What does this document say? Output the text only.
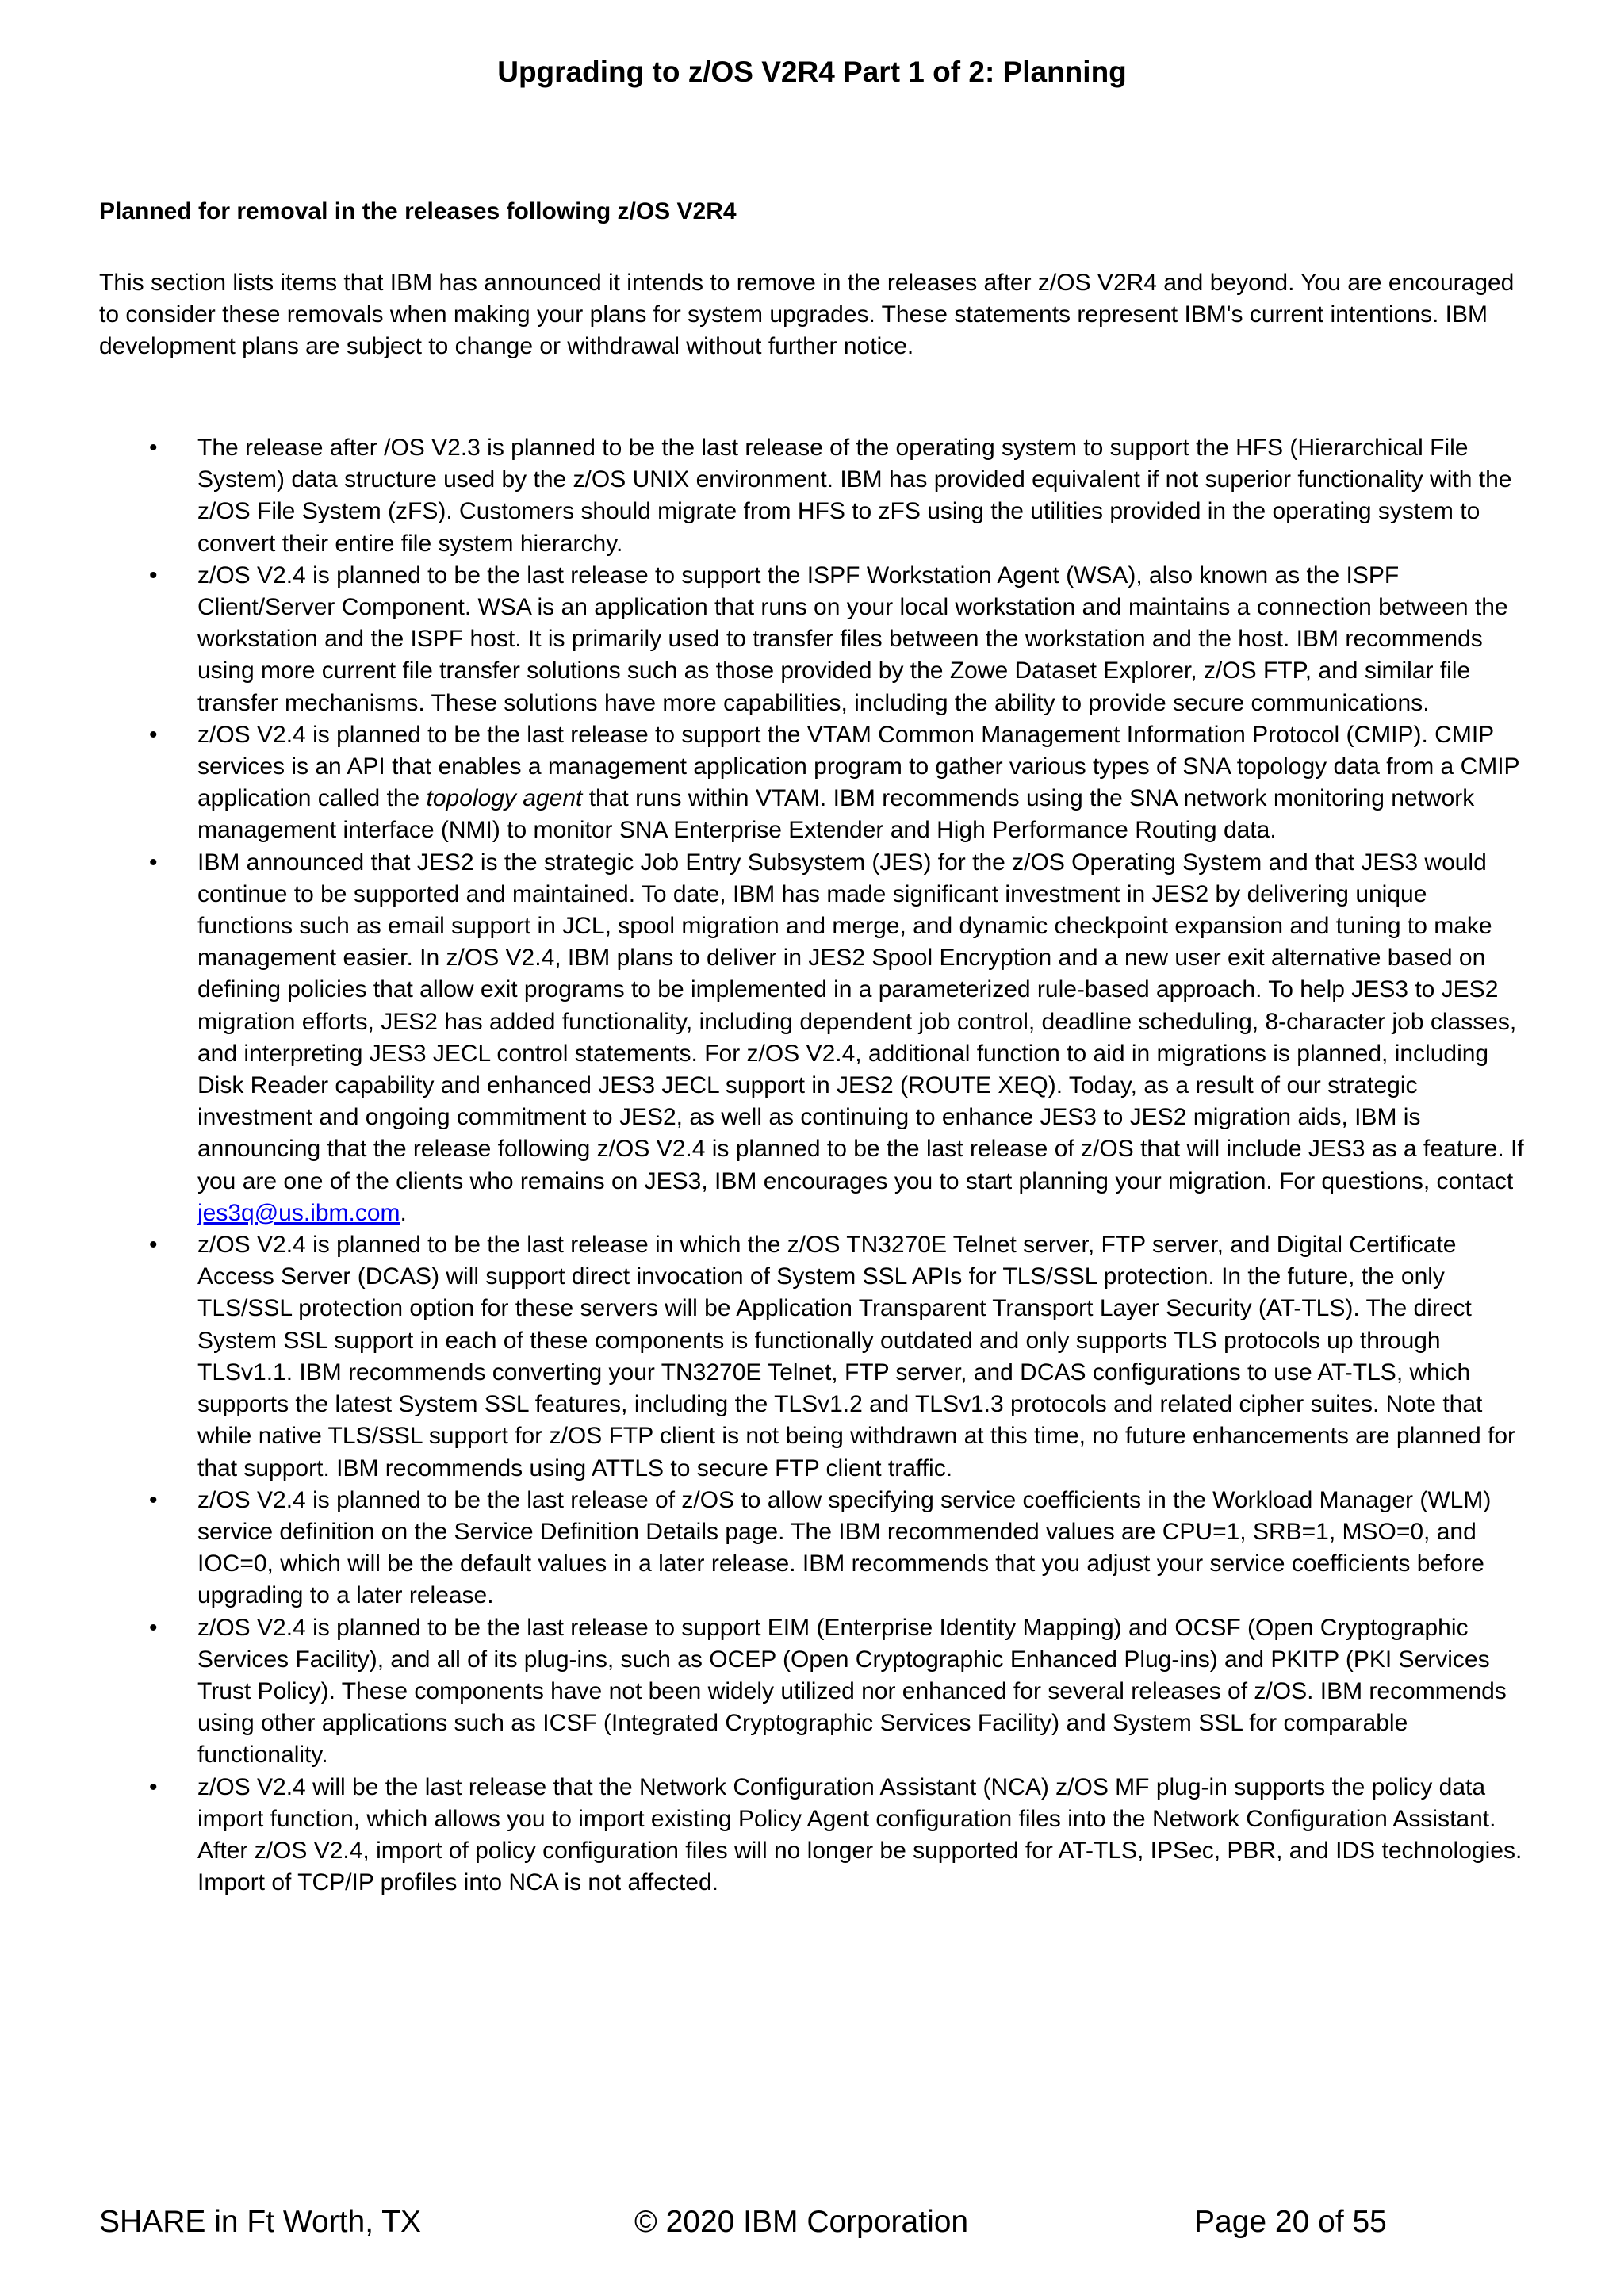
Upgrading to z/OS V2R4 Part 1 of 2: Planning
Planned for removal in the releases following z/OS V2R4

This section lists items that IBM has announced it intends to remove in the releases after z/OS V2R4 and beyond. You are encouraged to consider these removals when making your plans for system upgrades. These statements represent IBM's current intentions. IBM development plans are subject to change or withdrawal without further notice.

• The release after /OS V2.3 is planned to be the last release of the operating system to support the HFS (Hierarchical File System) data structure used by the z/OS UNIX environment. IBM has provided equivalent if not superior functionality with the z/OS File System (zFS). Customers should migrate from HFS to zFS using the utilities provided in the operating system to convert their entire file system hierarchy.
• z/OS V2.4 is planned to be the last release to support the ISPF Workstation Agent (WSA), also known as the ISPF Client/Server Component. WSA is an application that runs on your local workstation and maintains a connection between the workstation and the ISPF host. It is primarily used to transfer files between the workstation and the host. IBM recommends using more current file transfer solutions such as those provided by the Zowe Dataset Explorer, z/OS FTP, and similar file transfer mechanisms. These solutions have more capabilities, including the ability to provide secure communications.
• z/OS V2.4 is planned to be the last release to support the VTAM Common Management Information Protocol (CMIP). CMIP services is an API that enables a management application program to gather various types of SNA topology data from a CMIP application called the topology agent that runs within VTAM. IBM recommends using the SNA network monitoring network management interface (NMI) to monitor SNA Enterprise Extender and High Performance Routing data.
• IBM announced that JES2 is the strategic Job Entry Subsystem (JES) for the z/OS Operating System and that JES3 would continue to be supported and maintained. To date, IBM has made significant investment in JES2 by delivering unique functions such as email support in JCL, spool migration and merge, and dynamic checkpoint expansion and tuning to make management easier. In z/OS V2.4, IBM plans to deliver in JES2 Spool Encryption and a new user exit alternative based on defining policies that allow exit programs to be implemented in a parameterized rule-based approach. To help JES3 to JES2 migration efforts, JES2 has added functionality, including dependent job control, deadline scheduling, 8-character job classes, and interpreting JES3 JECL control statements. For z/OS V2.4, additional function to aid in migrations is planned, including Disk Reader capability and enhanced JES3 JECL support in JES2 (ROUTE XEQ). Today, as a result of our strategic investment and ongoing commitment to JES2, as well as continuing to enhance JES3 to JES2 migration aids, IBM is announcing that the release following z/OS V2.4 is planned to be the last release of z/OS that will include JES3 as a feature. If you are one of the clients who remains on JES3, IBM encourages you to start planning your migration. For questions, contact jes3q@us.ibm.com.
• z/OS V2.4 is planned to be the last release in which the z/OS TN3270E Telnet server, FTP server, and Digital Certificate Access Server (DCAS) will support direct invocation of System SSL APIs for TLS/SSL protection. In the future, the only TLS/SSL protection option for these servers will be Application Transparent Transport Layer Security (AT-TLS). The direct System SSL support in each of these components is functionally outdated and only supports TLS protocols up through TLSv1.1. IBM recommends converting your TN3270E Telnet, FTP server, and DCAS configurations to use AT-TLS, which supports the latest System SSL features, including the TLSv1.2 and TLSv1.3 protocols and related cipher suites. Note that while native TLS/SSL support for z/OS FTP client is not being withdrawn at this time, no future enhancements are planned for that support. IBM recommends using ATTLS to secure FTP client traffic.
• z/OS V2.4 is planned to be the last release of z/OS to allow specifying service coefficients in the Workload Manager (WLM) service definition on the Service Definition Details page. The IBM recommended values are CPU=1, SRB=1, MSO=0, and IOC=0, which will be the default values in a later release. IBM recommends that you adjust your service coefficients before upgrading to a later release.
• z/OS V2.4 is planned to be the last release to support EIM (Enterprise Identity Mapping) and OCSF (Open Cryptographic Services Facility), and all of its plug-ins, such as OCEP (Open Cryptographic Enhanced Plug-ins) and PKITP (PKI Services Trust Policy). These components have not been widely utilized nor enhanced for several releases of z/OS. IBM recommends using other applications such as ICSF (Integrated Cryptographic Services Facility) and System SSL for comparable functionality.
• z/OS V2.4 will be the last release that the Network Configuration Assistant (NCA) z/OS MF plug-in supports the policy data import function, which allows you to import existing Policy Agent configuration files into the Network Configuration Assistant. After z/OS V2.4, import of policy configuration files will no longer be supported for AT-TLS, IPSec, PBR, and IDS technologies. Import of TCP/IP profiles into NCA is not affected.
SHARE in Ft Worth, TX	© 2020 IBM Corporation	Page 20 of 55
